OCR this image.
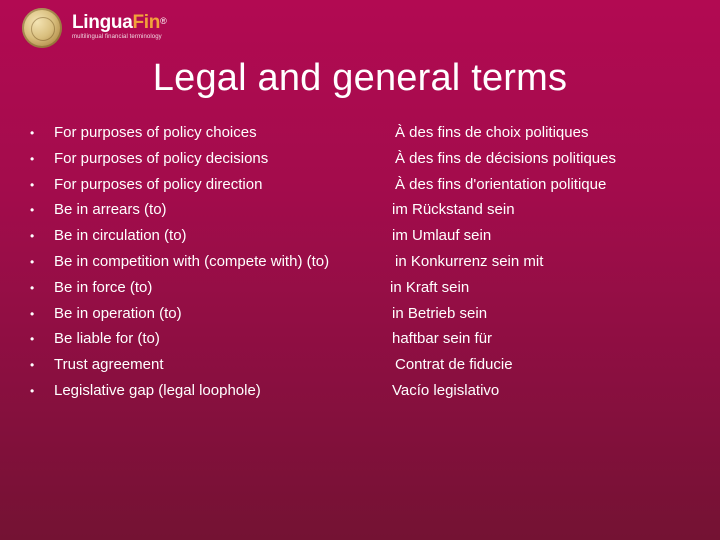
LinguaFin®
multilingual financial terminology
Legal and general terms
• For purposes of policy choices	À des fins de choix politiques
• For purposes of policy decisions	À des fins de décisions politiques
• For purposes of policy direction	À des fins d'orientation politique
• Be in arrears (to)	im Rückstand sein
• Be in circulation (to)	im Umlauf sein
• Be in competition with (compete with) (to)	in Konkurrenz sein mit
• Be in force (to)	in Kraft sein
• Be in operation (to)	in Betrieb sein
• Be liable for (to)	haftbar sein für
• Trust agreement	Contrat de fiducie
• Legislative gap (legal loophole)	Vacío legislativo
